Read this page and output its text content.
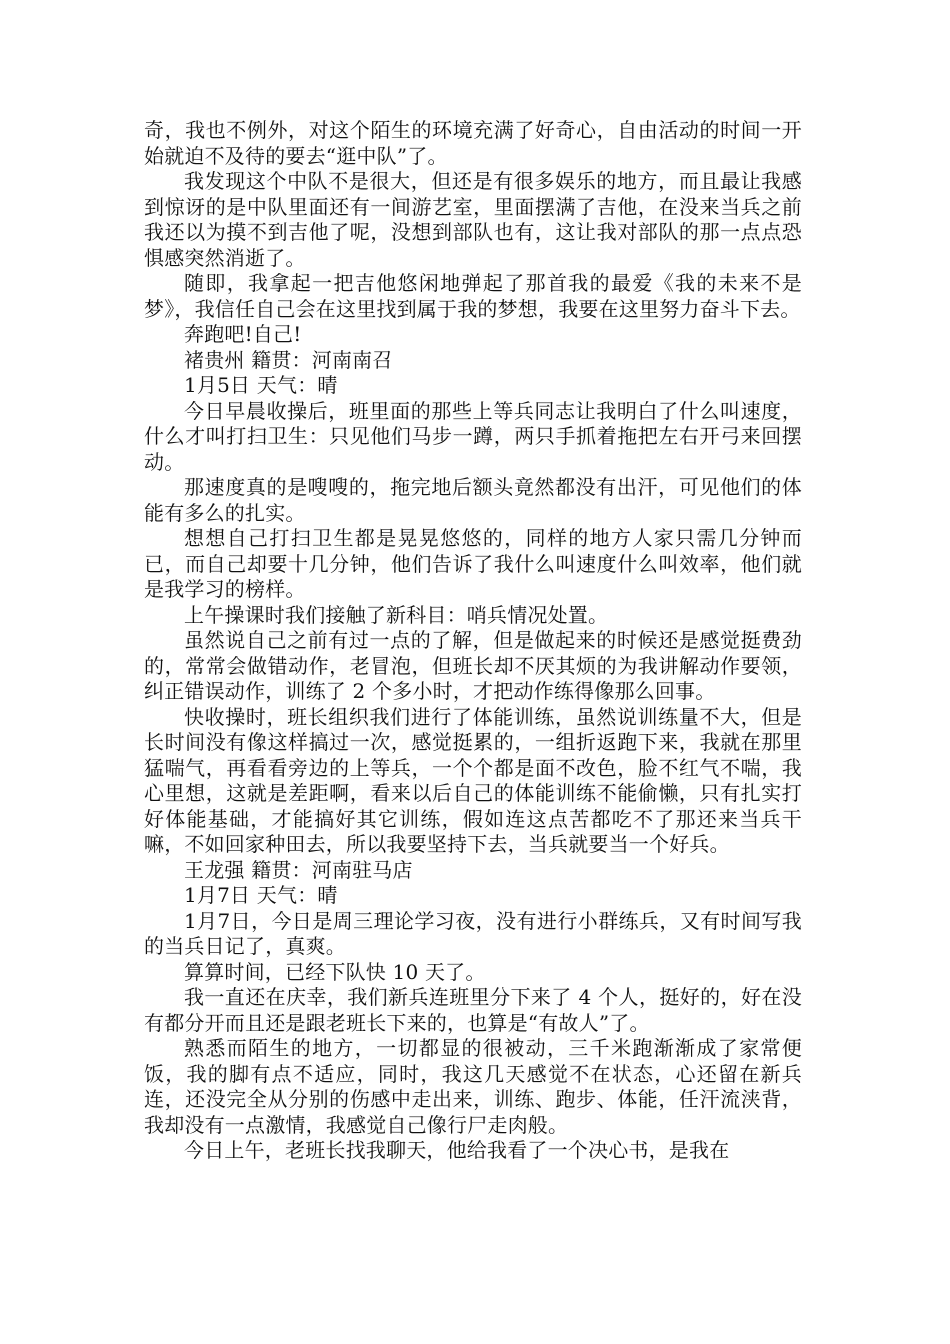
奇，我也不例外，对这个陌生的环境充满了好奇心，自由活动的时间一开始就迫不及待的要去“逛中队”了。

我发现这个中队不是很大，但还是有很多娱乐的地方，而且最让我感到惊讶的是中队里面还有一间游艺室，里面摆满了吉他，在没来当兵之前我还以为摸不到吉他了呢，没想到部队也有，这让我对部队的那一点点恐惧感突然消逝了。

随即，我拿起一把吉他悠闲地弹起了那首我的最爱《我的未来不是梦》，我信任自己会在这里找到属于我的梦想，我要在这里努力奋斗下去。

奔跑吧!自己!

褚贵州 籍贯：河南南召

1月5日 天气：晴

今日早晨收操后，班里面的那些上等兵同志让我明白了什么叫速度，什么才叫打扫卫生：只见他们马步一蹲，两只手抓着拖把左右开弓来回摆动。

那速度真的是嗖嗖的，拖完地后额头竟然都没有出汗，可见他们的体能有多么的扎实。

想想自己打扫卫生都是晃晃悠悠的，同样的地方人家只需几分钟而已，而自己却要十几分钟，他们告诉了我什么叫速度什么叫效率，他们就是我学习的榜样。

上午操课时我们接触了新科目：哨兵情况处置。

虽然说自己之前有过一点的了解，但是做起来的时候还是感觉挺费劲的，常常会做错动作，老冒泡，但班长却不厌其烦的为我讲解动作要领，纠正错误动作，训练了 2 个多小时，才把动作练得像那么回事。

快收操时，班长组织我们进行了体能训练，虽然说训练量不大，但是长时间没有像这样搞过一次，感觉挺累的，一组折返跑下来，我就在那里猛喘气，再看看旁边的上等兵，一个个都是面不改色，脸不红气不喘，我心里想，这就是差距啊，看来以后自己的体能训练不能偷懒，只有扎实打好体能基础，才能搞好其它训练，假如连这点苦都吃不了那还来当兵干嘛，不如回家种田去，所以我要坚持下去，当兵就要当一个好兵。

王龙强 籍贯：河南驻马店

1月7日 天气：晴

1月7日，今日是周三理论学习夜，没有进行小群练兵，又有时间写我的当兵日记了，真爽。

算算时间，已经下队快 10 天了。

我一直还在庆幸，我们新兵连班里分下来了 4 个人，挺好的，好在没有都分开而且还是跟老班长下来的，也算是“有故人”了。

熟悉而陌生的地方，一切都显的很被动，三千米跑渐渐成了家常便饭，我的脚有点不适应，同时，我这几天感觉不在状态，心还留在新兵连，还没完全从分别的伤感中走出来，训练、跑步、体能，任汗流浃背，我却没有一点激情，我感觉自己像行尸走肉般。

今日上午，老班长找我聊天，他给我看了一个决心书，是我在
